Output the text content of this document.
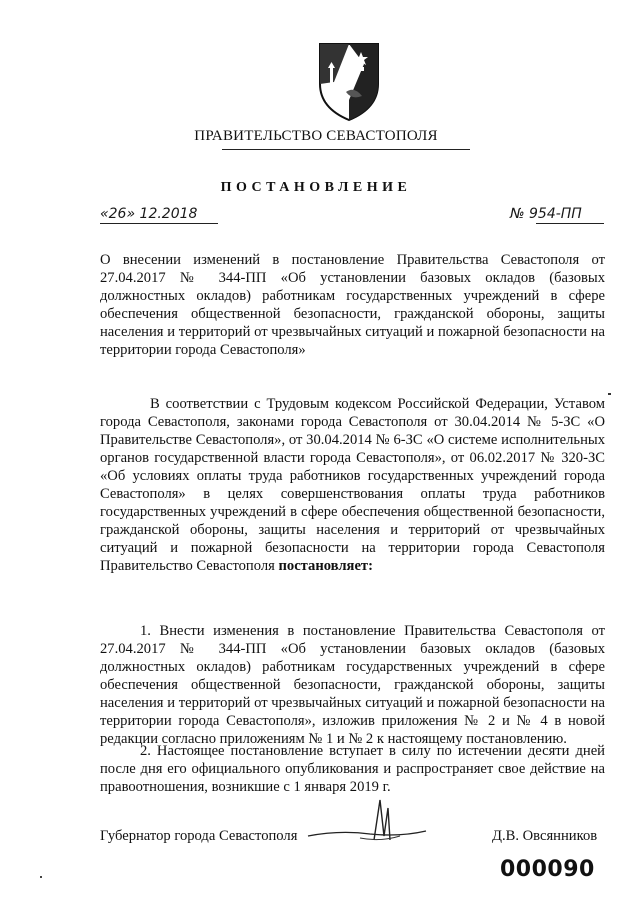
ПРАВИТЕЛЬСТВО СЕВАСТОПОЛЯ
ПОСТАНОВЛЕНИЕ
«26» 12.2018	№ 954-ПП
О внесении изменений в постановление Правительства Севастополя от 27.04.2017 № 344-ПП «Об установлении базовых окладов (базовых должностных окладов) работникам государственных учреждений в сфере обеспечения общественной безопасности, гражданской обороны, защиты населения и территорий от чрезвычайных ситуаций и пожарной безопасности на территории города Севастополя»
В соответствии с Трудовым кодексом Российской Федерации, Уставом города Севастополя, законами города Севастополя от 30.04.2014 № 5-ЗС «О Правительстве Севастополя», от 30.04.2014 № 6-ЗС «О системе исполнительных органов государственной власти города Севастополя», от 06.02.2017 № 320-ЗС «Об условиях оплаты труда работников государственных учреждений города Севастополя» в целях совершенствования оплаты труда работников государственных учреждений в сфере обеспечения общественной безопасности, гражданской обороны, защиты населения и территорий от чрезвычайных ситуаций и пожарной безопасности на территории города Севастополя Правительство Севастополя постановляет:
1. Внести изменения в постановление Правительства Севастополя от 27.04.2017 № 344-ПП «Об установлении базовых окладов (базовых должностных окладов) работникам государственных учреждений в сфере обеспечения общественной безопасности, гражданской обороны, защиты населения и территорий от чрезвычайных ситуаций и пожарной безопасности на территории города Севастополя», изложив приложения № 2 и № 4 в новой редакции согласно приложениям № 1 и № 2 к настоящему постановлению.
2. Настоящее постановление вступает в силу по истечении десяти дней после дня его официального опубликования и распространяет свое действие на правоотношения, возникшие с 1 января 2019 г.
Губернатор города Севастополя	Д.В. Овсянников
000090
